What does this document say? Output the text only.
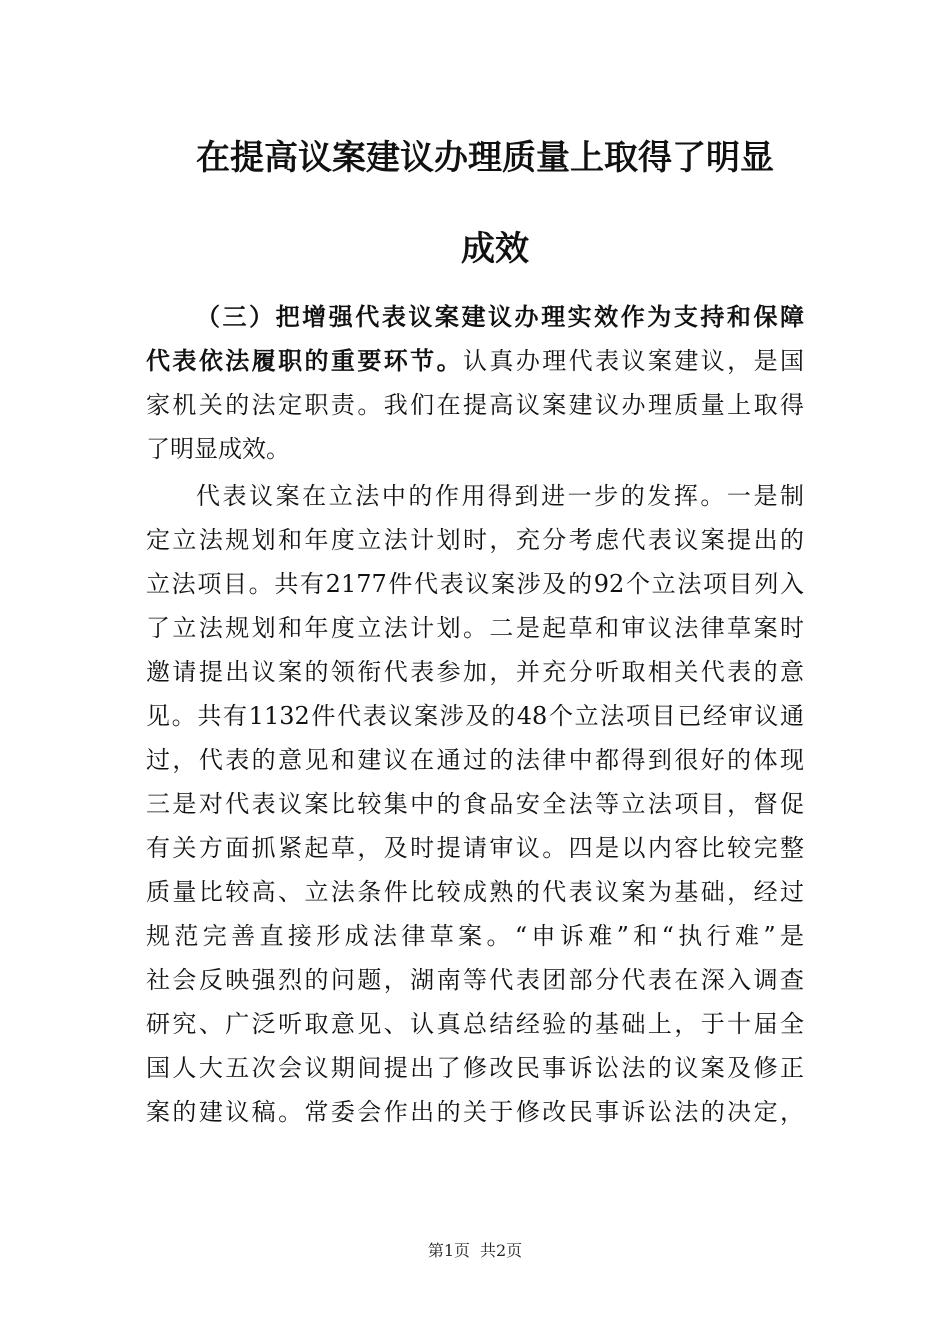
在提高议案建议办理质量上取得了明显
成效
（三）把增强代表议案建议办理实效作为支持和保障
代表依法履职的重要环节。认真办理代表议案建议，是国
家机关的法定职责。我们在提高议案建议办理质量上取得
了明显成效。
代表议案在立法中的作用得到进一步的发挥。一是制
定立法规划和年度立法计划时，充分考虑代表议案提出的
立法项目。共有2177件代表议案涉及的92个立法项目列入
了立法规划和年度立法计划。二是起草和审议法律草案时
邀请提出议案的领衔代表参加，并充分听取相关代表的意
见。共有1132件代表议案涉及的48个立法项目已经审议通
过，代表的意见和建议在通过的法律中都得到很好的体现
三是对代表议案比较集中的食品安全法等立法项目，督促
有关方面抓紧起草，及时提请审议。四是以内容比较完整
质量比较高、立法条件比较成熟的代表议案为基础，经过
规范完善直接形成法律草案。“申诉难”和“执行难”是
社会反映强烈的问题，湖南等代表团部分代表在深入调查
研究、广泛听取意见、认真总结经验的基础上，于十届全
国人大五次会议期间提出了修改民事诉讼法的议案及修正
案的建议稿。常委会作出的关于修改民事诉讼法的决定，
第1页 共2页
